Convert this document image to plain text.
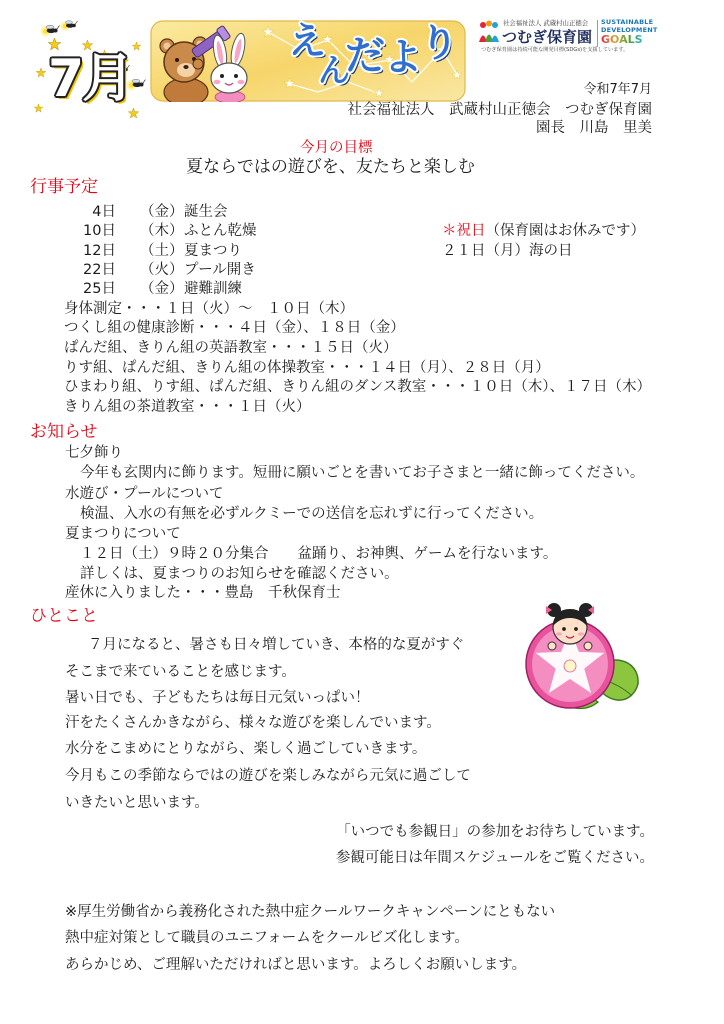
7月
え
ん
だ よ
り	社会福祉法人 武蔵村山正徳会
つむぎ保育園
SUSTAINABLE
DEVELOPMENT
GOALS
つむぎ保育園は持続可能な開発目標(SDGs)を支援しています。
令和7年7月
社会福祉法人　武蔵村山正徳会　つむぎ保育園
園長　川島　里美
今月の目標
夏ならではの遊びを、友たちと楽しむ
行事予定
4日 （金） 誕生会
10日 （木） ふとん乾燥
12日 （土） 夏まつり
22日 （火） プール開き
25日 （金） 避難訓練
＊祝日（保育園はお休みです）
２１日（月）海の日
身体測定・・・１日（火）～　１０日（木）
つくし組の健康診断・・・４日（金）、１８日（金）
ぱんだ組、きりん組の英語教室・・・１５日（火）
りす組、ぱんだ組、きりん組の体操教室・・・１４日（月）、２８日（月）
ひまわり組、りす組、ぱんだ組、きりん組のダンス教室・・・１０日（木）、１７日（木）
きりん組の茶道教室・・・１日（火）
お知らせ
七夕飾り
今年も玄関内に飾ります。短冊に願いごとを書いてお子さまと一緒に飾ってください。
水遊び・プールについて
検温、入水の有無を必ずルクミーでの送信を忘れずに行ってください。
夏まつりについて
１２日（土）９時２０分集合　　盆踊り、お神輿、ゲームを行ないます。
詳しくは、夏まつりのお知らせを確認ください。
産休に入りました・・・豊島　千秋保育士
ひとこと
７月になると、暑さも日々増していき、本格的な夏がすぐ
そこまで来ていることを感じます。
暑い日でも、子どもたちは毎日元気いっぱい！
汗をたくさんかきながら、様々な遊びを楽しんでいます。
水分をこまめにとりながら、楽しく過ごしていきます。
今月もこの季節ならではの遊びを楽しみながら元気に過ごして
いきたいと思います。
「いつでも参観日」の参加をお待ちしています。
参観可能日は年間スケジュールをご覧ください。
※厚生労働省から義務化された熱中症クールワークキャンペーンにともない
熱中症対策として職員のユニフォームをクールビズ化します。
あらかじめ、ご理解いただければと思います。よろしくお願いします。
